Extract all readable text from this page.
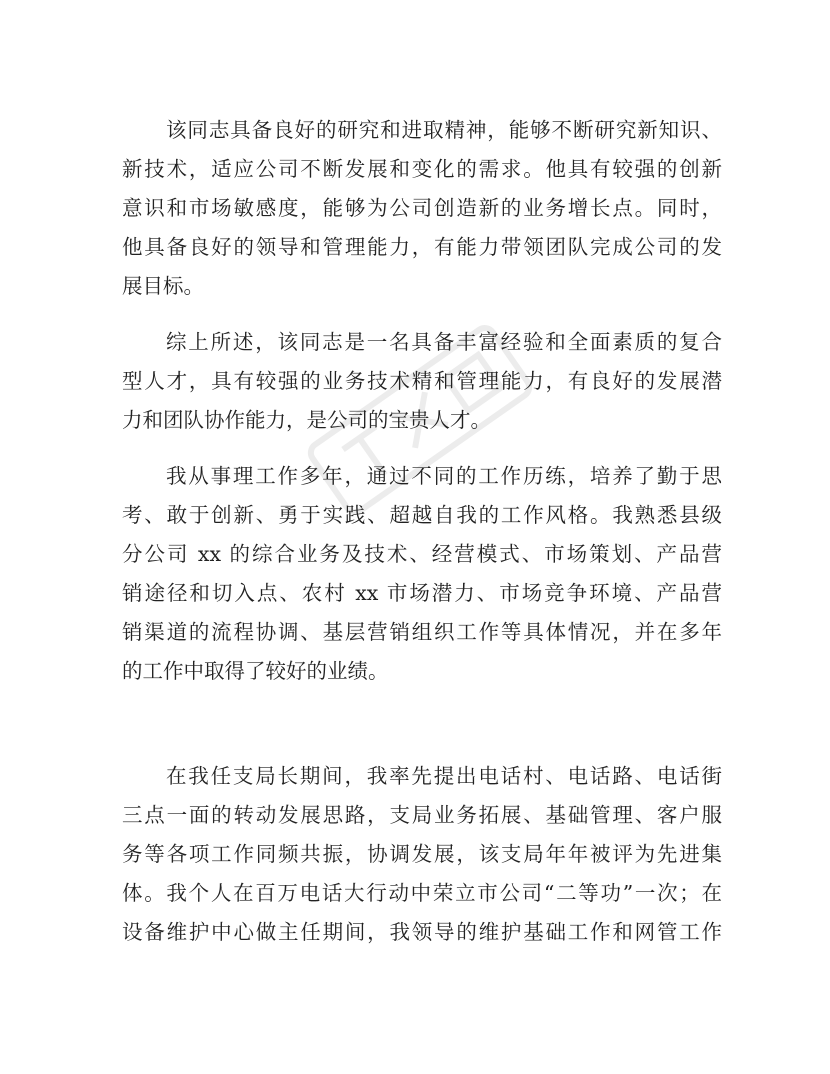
该同志具备良好的研究和进取精神，能够不断研究新知识、
新技术，适应公司不断发展和变化的需求。他具有较强的创新
意识和市场敏感度，能够为公司创造新的业务增长点。同时，
他具备良好的领导和管理能力，有能力带领团队完成公司的发
展目标。
综上所述，该同志是一名具备丰富经验和全面素质的复合
型人才，具有较强的业务技术精和管理能力，有良好的发展潜
力和团队协作能力，是公司的宝贵人才。
我从事理工作多年，通过不同的工作历练，培养了勤于思
考、敢于创新、勇于实践、超越自我的工作风格。我熟悉县级
分公司 xx 的综合业务及技术、经营模式、市场策划、产品营
销途径和切入点、农村 xx 市场潜力、市场竞争环境、产品营
销渠道的流程协调、基层营销组织工作等具体情况，并在多年
的工作中取得了较好的业绩。
在我任支局长期间，我率先提出电话村、电话路、电话街
三点一面的转动发展思路，支局业务拓展、基础管理、客户服
务等各项工作同频共振，协调发展，该支局年年被评为先进集
体。我个人在百万电话大行动中荣立市公司“二等功”一次；在
设备维护中心做主任期间，我领导的维护基础工作和网管工作
